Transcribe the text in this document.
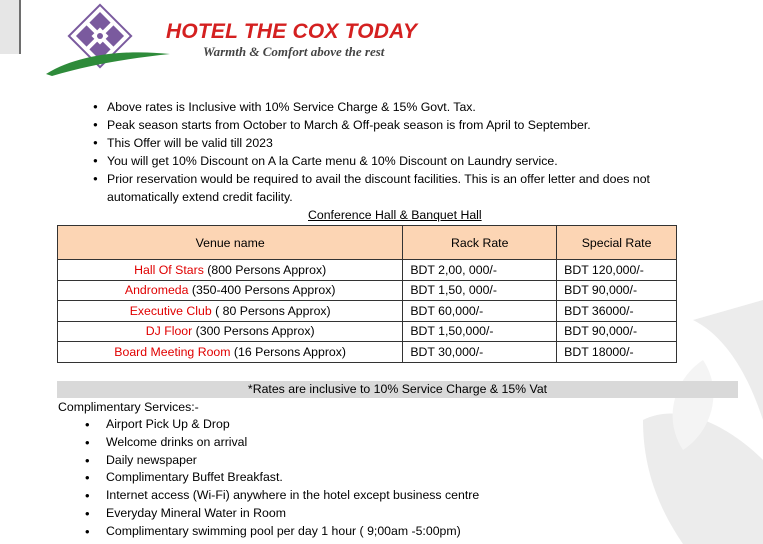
HOTEL THE COX TODAY
Warmth & Comfort above the rest
● Above rates is Inclusive with 10% Service Charge & 15% Govt. Tax.
● Peak season starts from October to March & Off-peak season is from April to September.
● This Offer will be valid till 2023
● You will get 10% Discount on A la Carte menu & 10% Discount on Laundry service.
● Prior reservation would be required to avail the discount facilities. This is an offer letter and does not
automatically extend credit facility.
Conference Hall & Banquet Hall
Venue name	Rack Rate	Special Rate
Hall Of Stars (800 Persons Approx)	BDT 2,00, 000/-	BDT 120,000/-
Andromeda (350-400 Persons Approx)	BDT 1,50, 000/-	BDT 90,000/-
Executive Club ( 80 Persons Approx)	BDT 60,000/-	BDT 36000/-
DJ Floor (300 Persons Approx)	BDT 1,50,000/-	BDT 90,000/-
Board Meeting Room (16 Persons Approx)	BDT 30,000/-	BDT 18000/-
*Rates are inclusive to 10% Service Charge & 15% Vat
Complimentary Services:-
• Airport Pick Up & Drop
• Welcome drinks on arrival
• Daily newspaper
• Complimentary Buffet Breakfast.
• Internet access (Wi-Fi) anywhere in the hotel except business centre
• Everyday Mineral Water in Room
• Complimentary swimming pool per day 1 hour ( 9;00am -5:00pm)
